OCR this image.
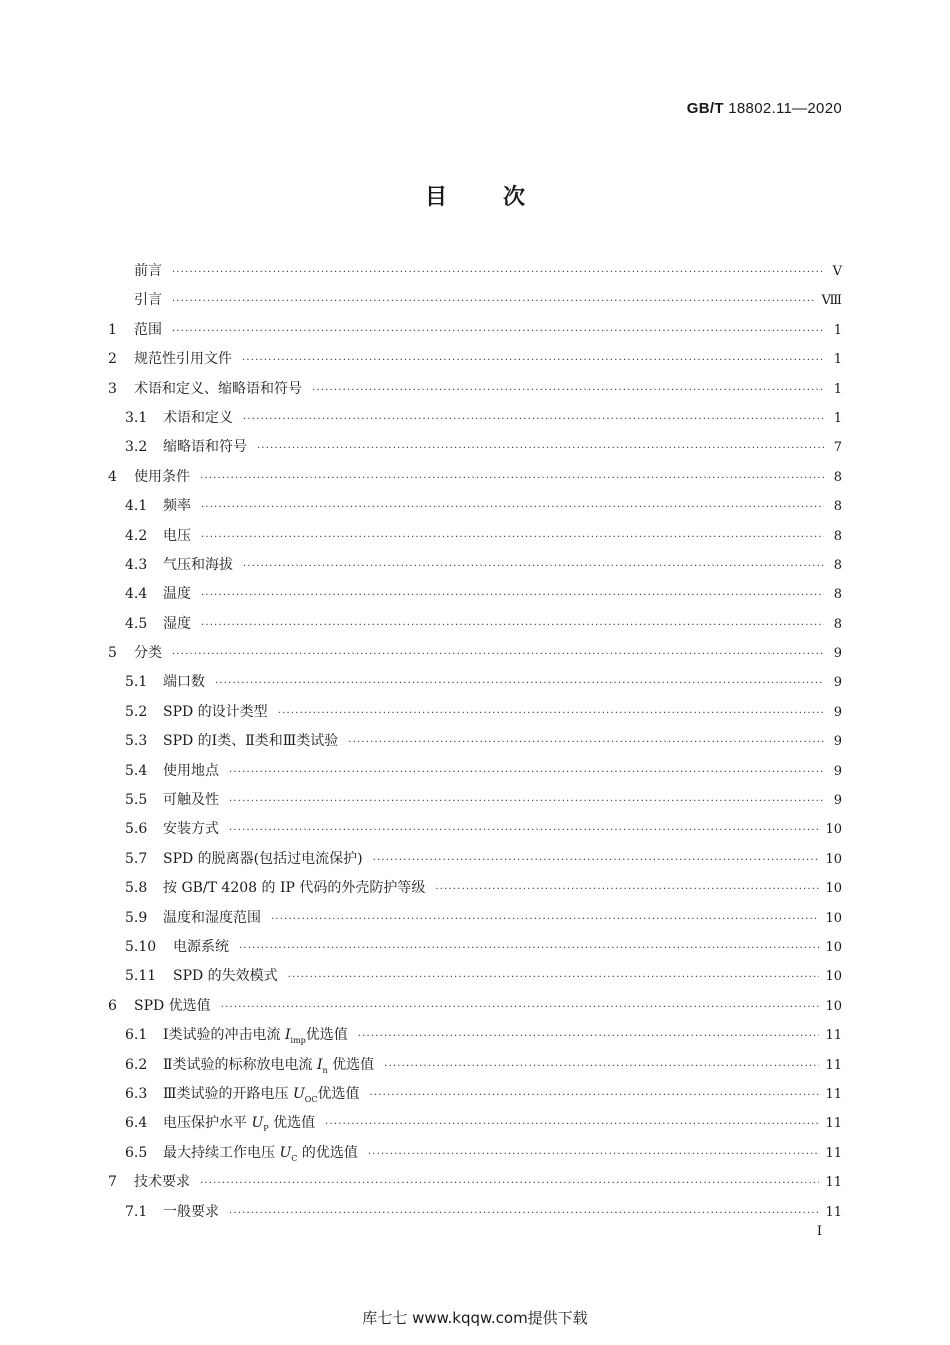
GB/T 18802.11—2020
目次
前言 ·····	Ⅴ
引言 ·····	Ⅷ
1	范围 ·····	1
2	规范性引用文件 ·····	1
3	术语和定义、缩略语和符号 ·····	1
3.1	术语和定义 ·····	1
3.2	缩略语和符号 ·····	7
4	使用条件 ·····	8
4.1	频率 ·····	8
4.2	电压 ·····	8
4.3	气压和海拔 ·····	8
4.4	温度 ·····	8
4.5	湿度 ·····	8
5	分类 ·····	9
5.1	端口数 ·····	9
5.2	SPD 的设计类型 ·····	9
5.3	SPD 的Ⅰ类、Ⅱ类和Ⅲ类试验 ·····	9
5.4	使用地点 ·····	9
5.5	可触及性 ·····	9
5.6	安装方式 ·····	10
5.7	SPD 的脱离器(包括过电流保护) ·····	10
5.8	按 GB/T 4208 的 IP 代码的外壳防护等级 ·····	10
5.9	温度和湿度范围 ·····	10
5.10	电源系统 ·····	10
5.11	SPD 的失效模式 ·····	10
6	SPD 优选值 ·····	10
6.1	Ⅰ类试验的冲击电流 $I_{imp}$优选值 ·····	11
6.2	Ⅱ类试验的标称放电电流 $I_n$ 优选值 ·····	11
6.3	Ⅲ类试验的开路电压 $U_{OC}$优选值 ·····	11
6.4	电压保护水平 $U_P$ 优选值 ·····	11
6.5	最大持续工作电压 $U_C$ 的优选值 ·····	11
7	技术要求 ·····	11
7.1	一般要求 ·····	11
Ⅰ
库七七 www.kqqw.com提供下载
